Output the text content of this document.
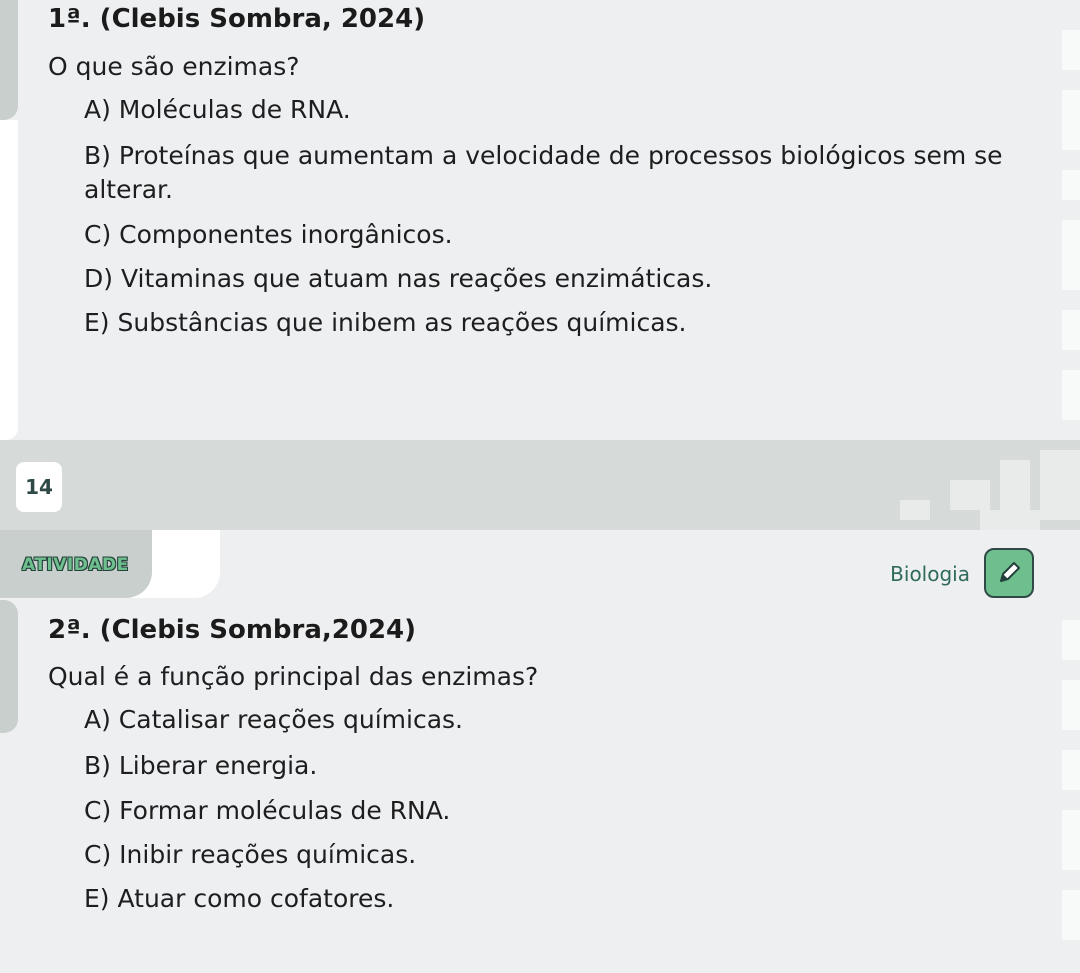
1ª. (Clebis Sombra, 2024)
O que são enzimas?
A) Moléculas de RNA.
B) Proteínas que aumentam a velocidade de processos biológicos sem se alterar.
C) Componentes inorgânicos.
D) Vitaminas que atuam nas reações enzimáticas.
E) Substâncias que inibem as reações químicas.
14
ATIVIDADE	Biologia
2ª. (Clebis Sombra,2024)
Qual é a função principal das enzimas?
A) Catalisar reações químicas.
B) Liberar energia.
C) Formar moléculas de RNA.
C) Inibir reações químicas.
E) Atuar como cofatores.
